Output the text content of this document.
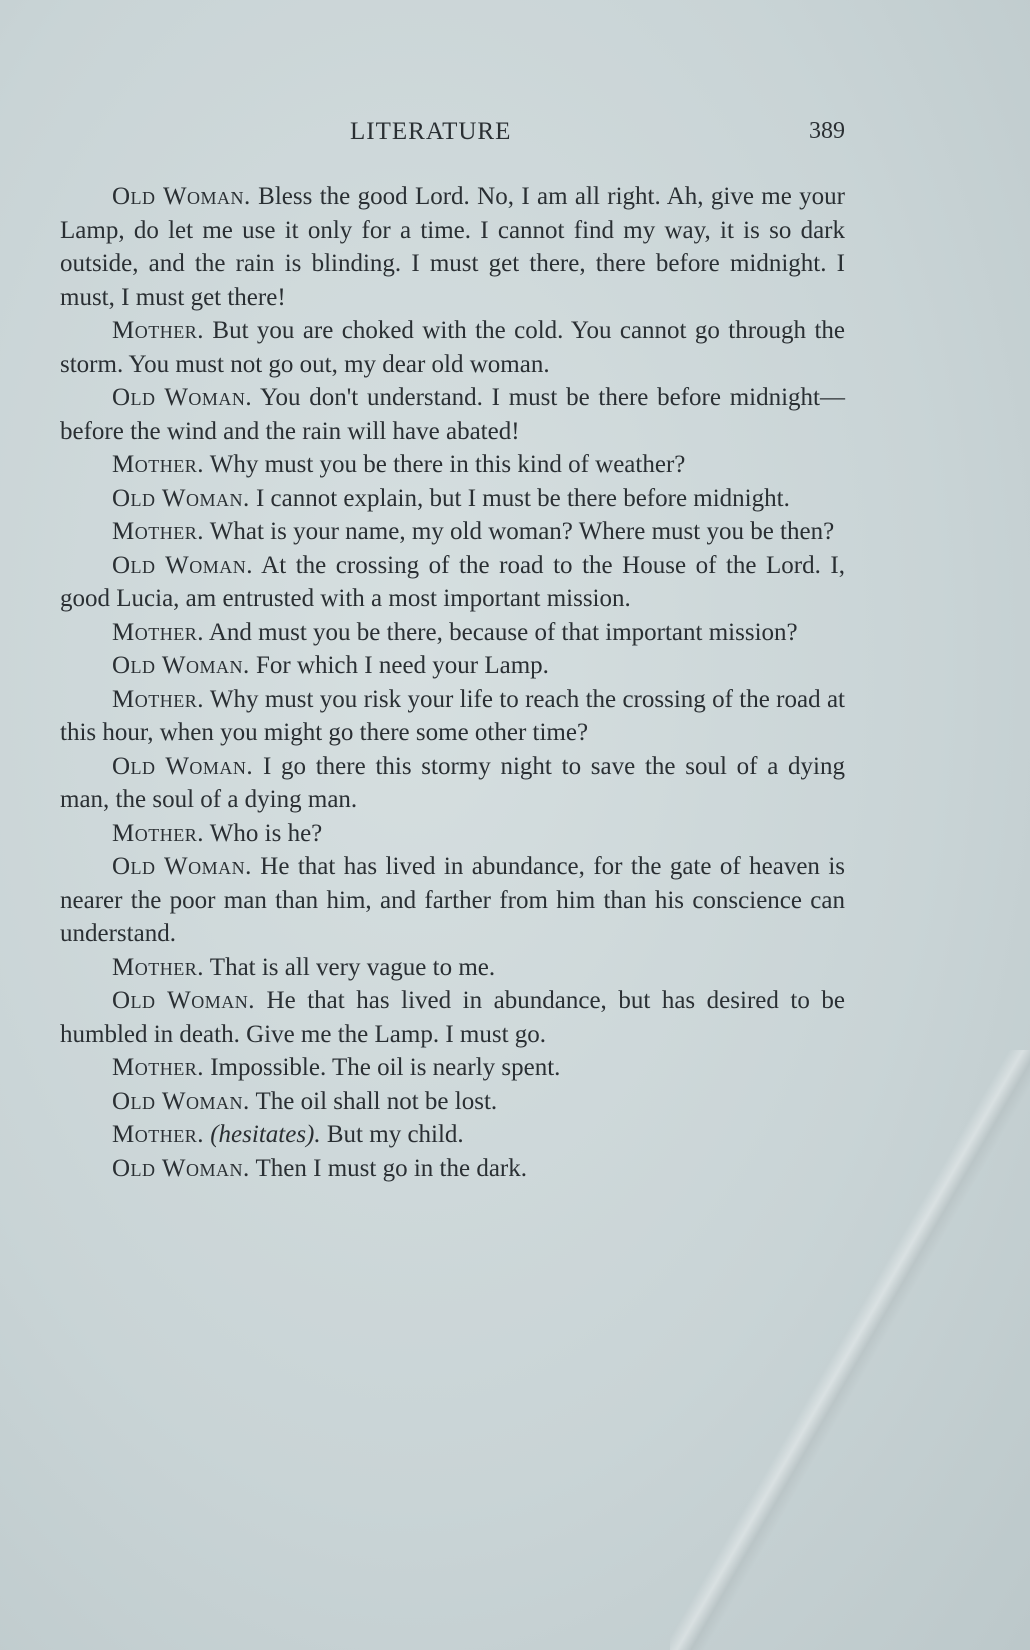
LITERATURE	389

Old Woman. Bless the good Lord. No, I am all right. Ah, give me your Lamp, do let me use it only for a time. I cannot find my way, it is so dark outside, and the rain is blinding. I must get there, there before midnight. I must, I must get there!

Mother. But you are choked with the cold. You cannot go through the storm. You must not go out, my dear old woman.

Old Woman. You don't understand. I must be there before midnight—before the wind and the rain will have abated!

Mother. Why must you be there in this kind of weather?

Old Woman. I cannot explain, but I must be there before midnight.

Mother. What is your name, my old woman? Where must you be then?

Old Woman. At the crossing of the road to the House of the Lord. I, good Lucia, am entrusted with a most important mission.

Mother. And must you be there, because of that important mission?

Old Woman. For which I need your Lamp.

Mother. Why must you risk your life to reach the crossing of the road at this hour, when you might go there some other time?

Old Woman. I go there this stormy night to save the soul of a dying man, the soul of a dying man.

Mother. Who is he?

Old Woman. He that has lived in abundance, for the gate of heaven is nearer the poor man than him, and farther from him than his conscience can understand.

Mother. That is all very vague to me.

Old Woman. He that has lived in abundance, but has desired to be humbled in death. Give me the Lamp. I must go.

Mother. Impossible. The oil is nearly spent.

Old Woman. The oil shall not be lost.

Mother. (hesitates). But my child.

Old Woman. Then I must go in the dark.
